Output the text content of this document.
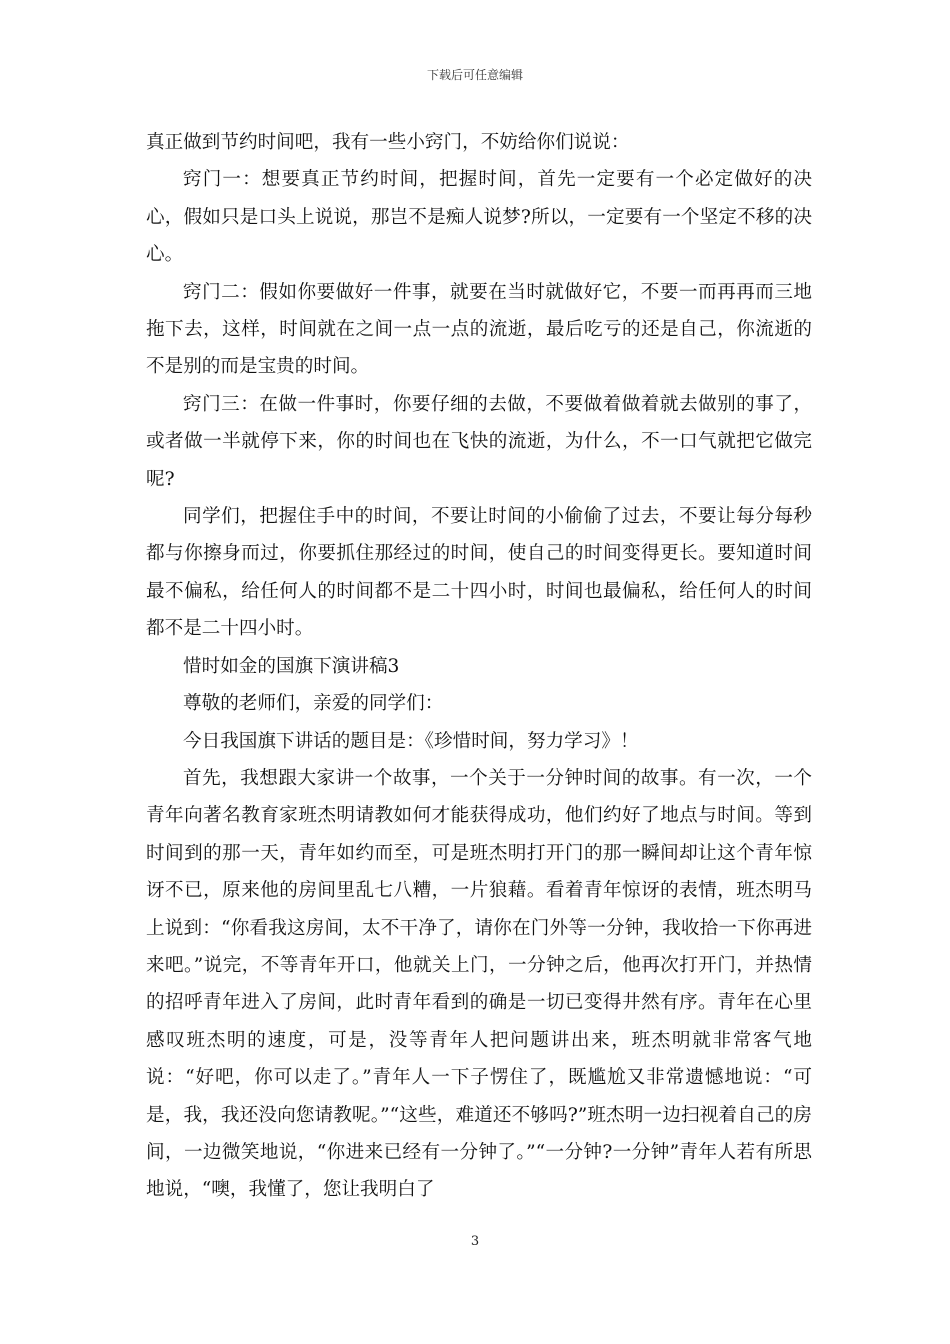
下载后可任意编辑

真正做到节约时间吧，我有一些小窍门，不妨给你们说说：

窍门一：想要真正节约时间，把握时间，首先一定要有一个必定做好的决心，假如只是口头上说说，那岂不是痴人说梦?所以，一定要有一个坚定不移的决心。

窍门二：假如你要做好一件事，就要在当时就做好它，不要一而再再而三地拖下去，这样，时间就在之间一点一点的流逝，最后吃亏的还是自己，你流逝的不是别的而是宝贵的时间。

窍门三：在做一件事时，你要仔细的去做，不要做着做着就去做别的事了，或者做一半就停下来，你的时间也在飞快的流逝，为什么，不一口气就把它做完呢?

同学们，把握住手中的时间，不要让时间的小偷偷了过去，不要让每分每秒都与你擦身而过，你要抓住那经过的时间，使自己的时间变得更长。要知道时间最不偏私，给任何人的时间都不是二十四小时，时间也最偏私，给任何人的时间都不是二十四小时。

惜时如金的国旗下演讲稿3

尊敬的老师们，亲爱的同学们：

今日我国旗下讲话的题目是：《珍惜时间，努力学习》！

首先，我想跟大家讲一个故事，一个关于一分钟时间的故事。有一次，一个青年向著名教育家班杰明请教如何才能获得成功，他们约好了地点与时间。等到时间到的那一天，青年如约而至，可是班杰明打开门的那一瞬间却让这个青年惊讶不已，原来他的房间里乱七八糟，一片狼藉。看着青年惊讶的表情，班杰明马上说到：“你看我这房间，太不干净了，请你在门外等一分钟，我收拾一下你再进来吧。”说完，不等青年开口，他就关上门，一分钟之后，他再次打开门，并热情的招呼青年进入了房间，此时青年看到的确是一切已变得井然有序。青年在心里感叹班杰明的速度，可是，没等青年人把问题讲出来，班杰明就非常客气地说：“好吧，你可以走了。”青年人一下子愣住了，既尴尬又非常遗憾地说：“可是，我，我还没向您请教呢。”“这些，难道还不够吗?”班杰明一边扫视着自己的房间，一边微笑地说，“你进来已经有一分钟了。”“一分钟?一分钟”青年人若有所思地说，“噢，我懂了，您让我明白了

3
